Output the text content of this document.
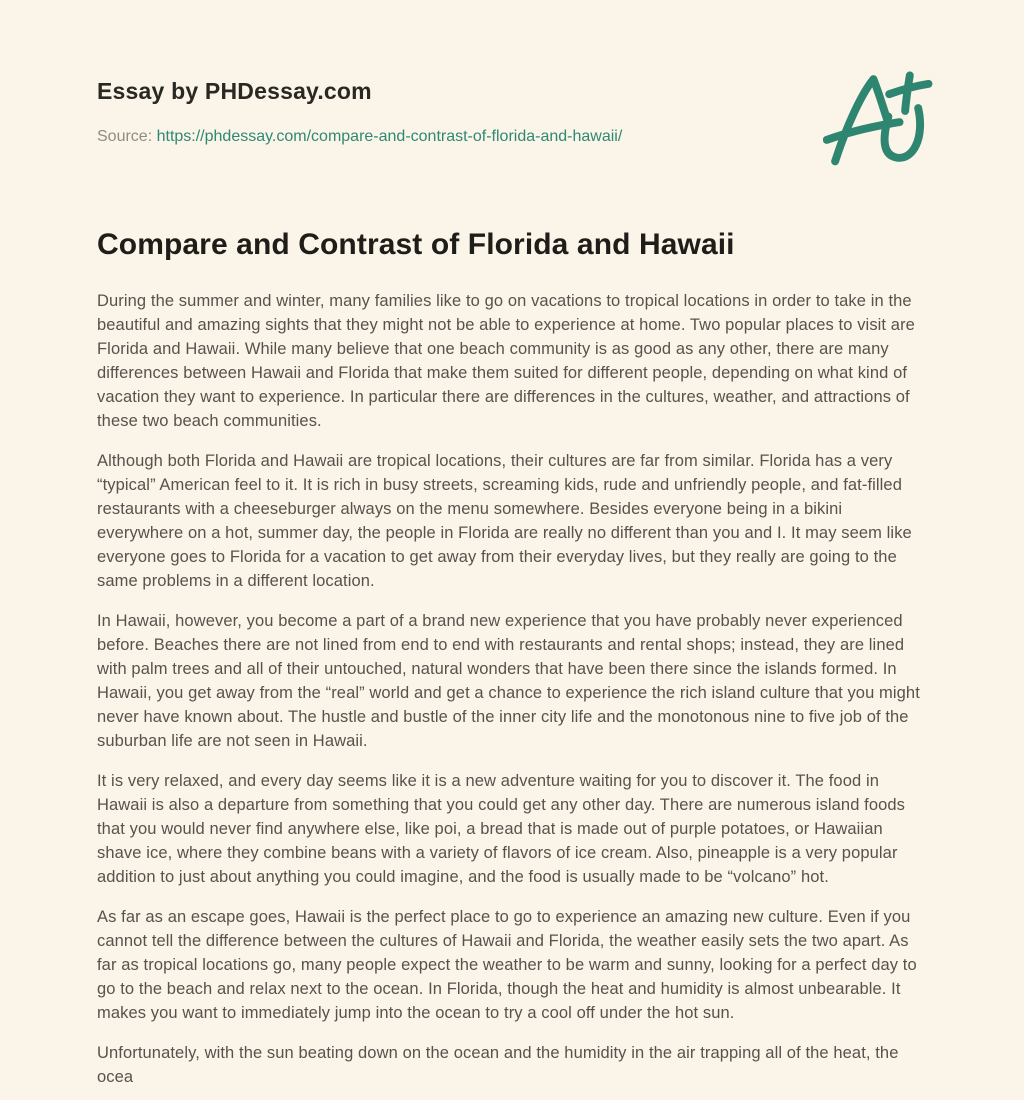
Essay by PHDessay.com
Source: https://phdessay.com/compare-and-contrast-of-florida-and-hawaii/
Compare and Contrast of Florida and Hawaii

During the summer and winter, many families like to go on vacations to tropical locations in order to take in the beautiful and amazing sights that they might not be able to experience at home. Two popular places to visit are Florida and Hawaii. While many believe that one beach community is as good as any other, there are many differences between Hawaii and Florida that make them suited for different people, depending on what kind of vacation they want to experience. In particular there are differences in the cultures, weather, and attractions of these two beach communities.

Although both Florida and Hawaii are tropical locations, their cultures are far from similar. Florida has a very “typical” American feel to it. It is rich in busy streets, screaming kids, rude and unfriendly people, and fat-filled restaurants with a cheeseburger always on the menu somewhere. Besides everyone being in a bikini everywhere on a hot, summer day, the people in Florida are really no different than you and I. It may seem like everyone goes to Florida for a vacation to get away from their everyday lives, but they really are going to the same problems in a different location.

In Hawaii, however, you become a part of a brand new experience that you have probably never experienced before. Beaches there are not lined from end to end with restaurants and rental shops; instead, they are lined with palm trees and all of their untouched, natural wonders that have been there since the islands formed. In Hawaii, you get away from the “real” world and get a chance to experience the rich island culture that you might never have known about. The hustle and bustle of the inner city life and the monotonous nine to five job of the suburban life are not seen in Hawaii.

It is very relaxed, and every day seems like it is a new adventure waiting for you to discover it. The food in Hawaii is also a departure from something that you could get any other day. There are numerous island foods that you would never find anywhere else, like poi, a bread that is made out of purple potatoes, or Hawaiian shave ice, where they combine beans with a variety of flavors of ice cream. Also, pineapple is a very popular addition to just about anything you could imagine, and the food is usually made to be “volcano” hot.

As far as an escape goes, Hawaii is the perfect place to go to experience an amazing new culture. Even if you cannot tell the difference between the cultures of Hawaii and Florida, the weather easily sets the two apart. As far as tropical locations go, many people expect the weather to be warm and sunny, looking for a perfect day to go to the beach and relax next to the ocean. In Florida, though the heat and humidity is almost unbearable. It makes you want to immediately jump into the ocean to try a cool off under the hot sun.

Unfortunately, with the sun beating down on the ocean and the humidity in the air trapping all of the heat, the ocea
